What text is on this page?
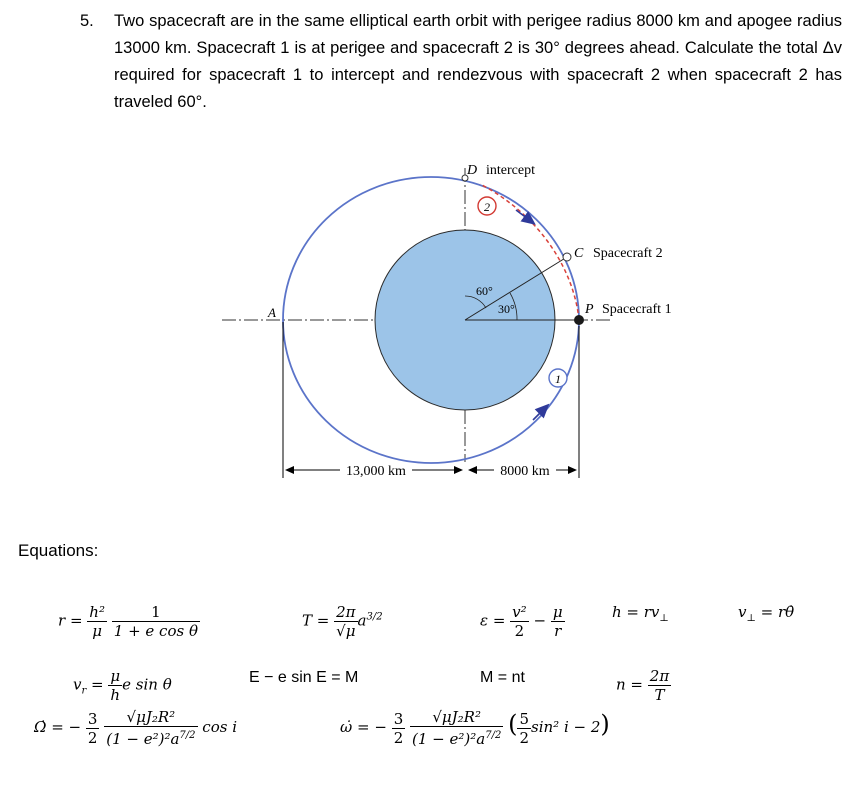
5. Two spacecraft are in the same elliptical earth orbit with perigee radius 8000 km and apogee radius 13000 km. Spacecraft 1 is at perigee and spacecraft 2 is 30° degrees ahead. Calculate the total Δv required for spacecraft 1 to intercept and rendezvous with spacecraft 2 when spacecraft 2 has traveled 60°.
60°
30°
2
1
D intercept
C Spacecraft 2
P Spacecraft 1
A
13,000 km	8000 km
Equations:
$r = \frac{\text{h²}}{\mu}$
$\frac{1}{\text{1 + e cos θ}}$	$T = \frac{2\pi}{√\mu} a^{3/2}$	$\varepsilon = \frac{\text{v²}}{2} - \frac{\mu}{r}$	$h = rv_\perp$	$v_\perp$ = rθ̇
$v_r = \frac{\mu}{h}$ e sin θ	E − e sin E = M	M = nt	$n = \frac{2\pi}{T}$
Ω̇ = − $\frac{3}{2}$
$\frac{\text{√μJ₂R²}}{(1 - e^2)^2a^{7/2}}$ cos i	ω̇ = − $\frac{3}{2}$
$\frac{\text{√μJ₂R²}}{(1 - e^2)^2a^{7/2}}$ ( $\frac{5}{2} \sin^2$ i − 2)
